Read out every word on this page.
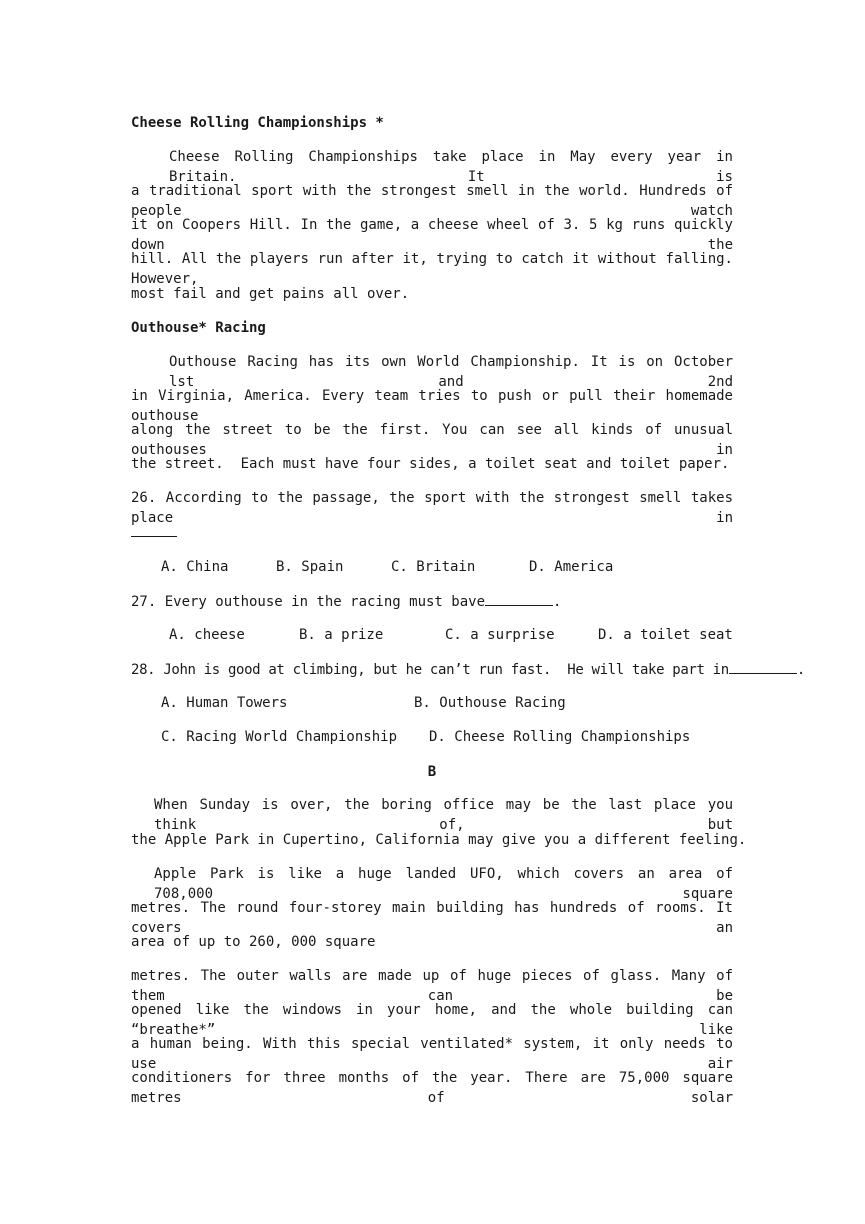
Cheese Rolling Championships *
Cheese Rolling Championships take place in May every year in Britain. It is
a traditional sport with the strongest smell in the world. Hundreds of people watch
it on Coopers Hill. In the game, a cheese wheel of 3. 5 kg runs quickly down the
hill. All the players run after it, trying to catch it without falling. However,
most fail and get pains all over.
Outhouse* Racing
Outhouse Racing has its own World Championship. It is on October lst and 2nd
in Virginia, America. Every team tries to push or pull their homemade outhouse
along the street to be the first. You can see all kinds of unusual outhouses in
the street.  Each must have four sides, a toilet seat and toilet paper.
26. According to the passage, the sport with the strongest smell takes place in
A. China	B. Spain	C. Britain	D. America
27. Every outhouse in the racing must bave	.
A. cheese	B. a prize	C. a surprise	D. a toilet seat
28. John is good at climbing, but he can’t run fast.  He will take part in	.
A. Human Towers	B. Outhouse Racing
C. Racing World Championship D. Cheese Rolling Championships
B
When Sunday is over, the boring office may be the last place you think of, but
the Apple Park in Cupertino, California may give you a different feeling.
Apple Park is like a huge landed UFO, which covers an area of 708,000 square
metres. The round four-storey main building has hundreds of rooms. It covers an
area of up to 260, 000 square
metres. The outer walls are made up of huge pieces of glass. Many of them can be
opened like the windows in your home, and the whole building can “breathe*” like
a human being. With this special ventilated* system, it only needs to use air
conditioners for three months of the year. There are 75,000 square metres of solar
